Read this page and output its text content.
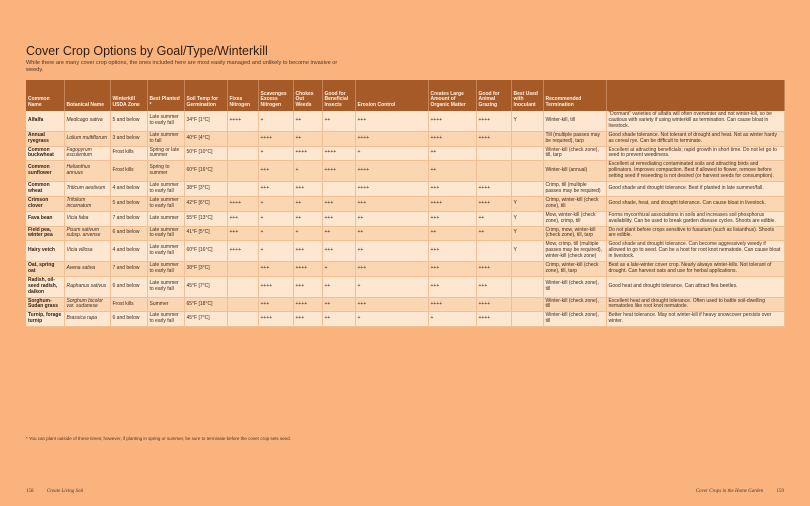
Cover Crop Options by Goal/Type/Winterkill
While there are many cover crop options, the ones included here are most easily managed and unlikely to become invasive or weedy.
Common Name	Botanical Name	Winterkill USDA Zone	Best Planted *	Soil Temp for Germination	Fixes Nitrogen	Scavenges Excess Nitrogen	Chokes Out Weeds	Good for Beneficial Insects	Erosion Control	Creates Large Amount of Organic Matter	Good for Animal Grazing	Best Used with Inoculant	Recommended Termination	
Alfalfa	Medicago sativa	5 and below	Late summer to early fall	34°F [1°C]	++++	+	++	++	+++	++++	++++	Y	Winter-kill, till	“Dormant” varieties of alfalfa will often overwinter and not winter-kill, so be cautious with variety if using winterkill as termination. Can cause bloat in livestock.
Annual ryegrass	Lolium multiflorum	3 and below	Late summer to fall	40°F [4°C]		++++	++		++++	++++	++++		Till (multiple passes may be required), tarp	Good shade tolerance. Not tolerant of drought and heat. Not as winter hardy as cereal rye. Can be difficult to terminate.
Common buckwheat	Fagopyrum esculentum	Frost kills	Spring or late summer	50°F [10°C]		+	++++	++++	+	++			Winter-kill (check zone), till, tarp	Excellent at attracting beneficials; rapid growth in short time. Do not let go to seed to prevent weediness.
Common sunflower	Helianthus annuus	Frost kills	Spring to summer	60°F [16°C]		+++	+	++++	++++	++			Winter-kill (annual)	Excellent at remediating contaminated soils and attracting birds and pollinators. Improves compaction. Best if allowed to flower, remove before setting seed if reseeding is not desired (or harvest seeds for consumption).
Common wheat	Triticum aestivum	4 and below	Late summer to early fall	38°F [3°C]		+++	+++		++++	+++	++++		Crimp, till (multiple passes may be required)	Good shade and drought tolerance. Best if planted in late summer/fall.
Crimson clover	Trifolium incarnatum	5 and below	Late summer to early fall	42°F [6°C]	++++	+	++	+++	+++	++++	++++	Y	Crimp, winter-kill (check zone), till	Good shade, heat, and drought tolerance. Can cause bloat in livestock.
Fava bean	Vicia faba	7 and below	Late summer	55°F [13°C]	+++	+	++	+++	++	+++	++	Y	Mow, winter-kill (check zone), crimp, till	Forms mycorrhizal associations in soils and increases soil phosphorus availability. Can be used to break garden disease cycles. Shoots are edible.
Field pea, winter pea	Pisum sativum subsp. arvense	6 and below	Late summer to early fall	41°F [5°C]	+++	+	+	++	++	++	++	Y	Crimp, mow, winter-kill (check zone), till, tarp	Do not plant before crops sensitive to fusarium (such as lisianthus). Shoots are edible.
Hairy vetch	Vicia villosa	4 and below	Late summer to early fall	60°F [16°C]	++++	+	+++	+++	++	+++		Y	Mow, crimp, till (multiple passes may be required), winter-kill (check zone)	Good shade and drought tolerance. Can become aggressively weedy if allowed to go to seed. Can be a host for root knot nematode. Can cause bloat in livestock.
Oat, spring oat	Avena sativa	7 and below	Late summer to early fall	38°F [3°C]		+++	++++	+	+++	+++	++++		Crimp, winter-kill (check zone), till, tarp	Best as a late-winter cover crop. Nearly always winter-kills. Not tolerant of drought. Can harvest oats and use for herbal applications.
Radish, oil-seed radish, daikon	Raphanus sativus	6 and below	Late summer to early fall	45°F [7°C]		++++	+++	++	+	+++	+++		Winter-kill (check zone), till	Good heat and drought tolerance. Can attract flea beetles.
Sorghum-Sudan grass	Sorghum bicolor var. sudanese	Frost kills	Summer	65°F [18°C]		+++	++++	++	+++	++++	++++		Winter-kill (check zone), till	Excellent heat and drought tolerance. Often used to battle soil-dwelling nematodes like root knot nematode.
Turnip, forage turnip	Brassica rapa	6 and below	Late summer to early fall	45°F [7°C]		++++	+++	++	+	+	++++		Winter-kill (check zone), till	Better heat tolerance. May not winter-kill if heavy snowcover persists over winter.
* You can plant outside of these times; however, if planting in spring or summer, be sure to terminate before the cover crop sets seed.
158	Create Living Soil	Cover Crops in the Home Garden	159
